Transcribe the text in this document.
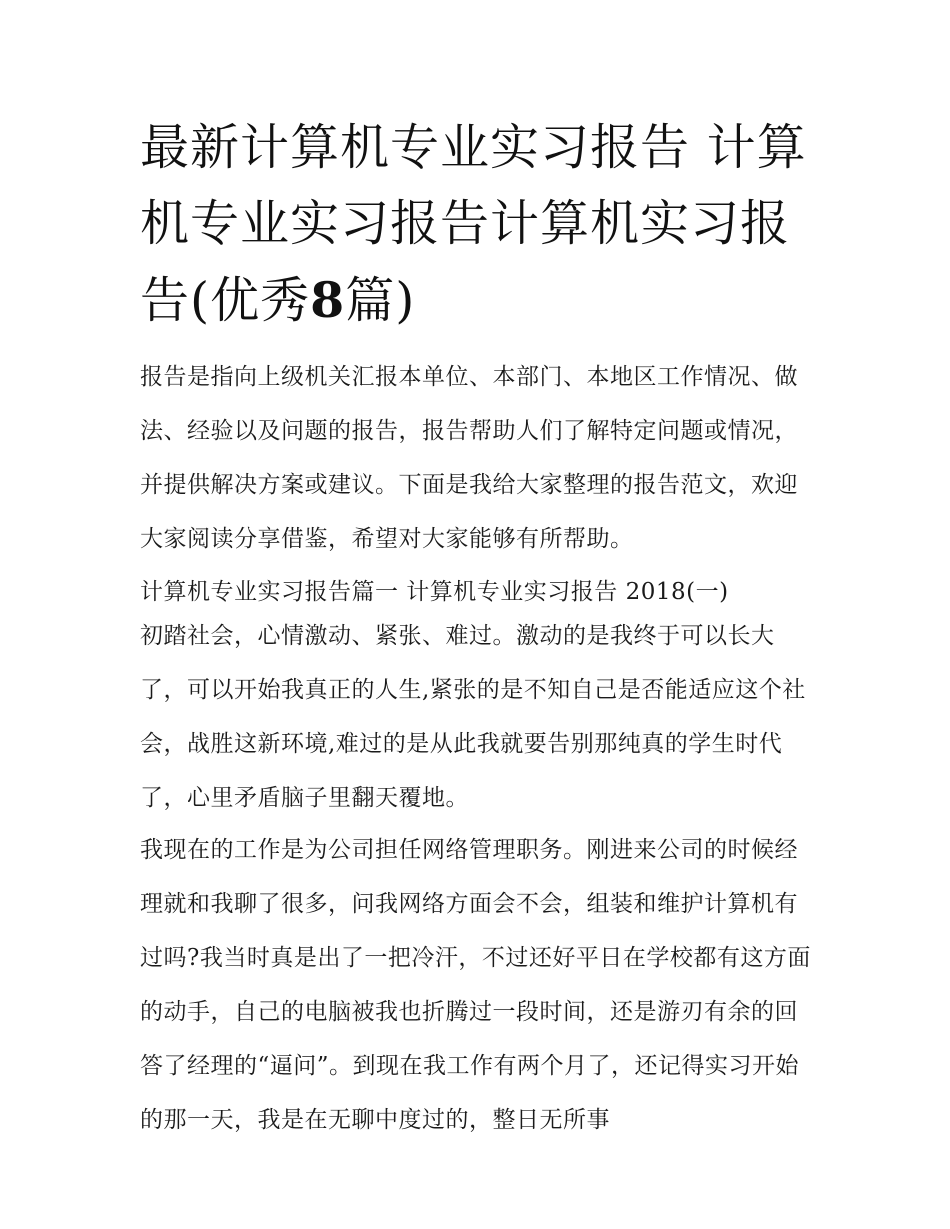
最新计算机专业实习报告 计算机专业实习报告计算机实习报告(优秀8篇)

报告是指向上级机关汇报本单位、本部门、本地区工作情况、做法、经验以及问题的报告，报告帮助人们了解特定问题或情况，并提供解决方案或建议。下面是我给大家整理的报告范文，欢迎大家阅读分享借鉴，希望对大家能够有所帮助。

计算机专业实习报告篇一 计算机专业实习报告 2018(一)

初踏社会，心情激动、紧张、难过。激动的是我终于可以长大了，可以开始我真正的人生,紧张的是不知自己是否能适应这个社会，战胜这新环境,难过的是从此我就要告别那纯真的学生时代了，心里矛盾脑子里翻天覆地。

我现在的工作是为公司担任网络管理职务。刚进来公司的时候经理就和我聊了很多，问我网络方面会不会，组装和维护计算机有过吗?我当时真是出了一把冷汗，不过还好平日在学校都有这方面的动手，自己的电脑被我也折腾过一段时间，还是游刃有余的回答了经理的“逼问”。到现在我工作有两个月了，还记得实习开始的那一天，我是在无聊中度过的，整日无所事
